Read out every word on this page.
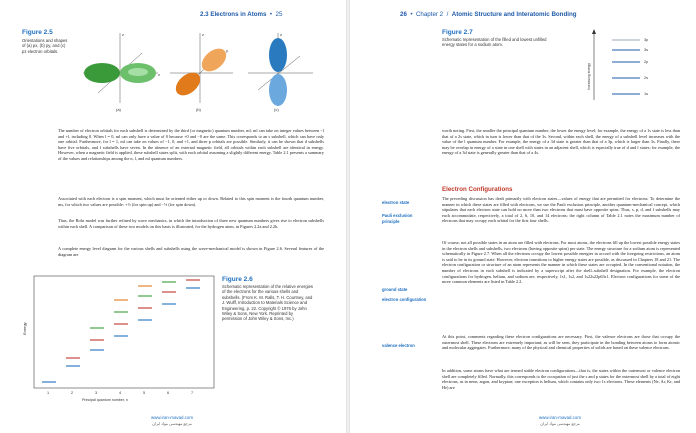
2.3 Electrons in Atoms  •  25
Figure 2.5
Orientations and shapes of (a) px, (b) py, and (c) pz electron orbitals.
x
z	z
y
z
(a)	(b)	(c)

The number of electron orbitals for each subshell is determined by the third (or magnetic) quantum number, ml; ml can take on integer values between −l and +l, including 0. When l = 0, ml can only have a value of 0 because +0 and −0 are the same. This corresponds to an s subshell, which can have only one orbital. Furthermore, for l = 1, ml can take on values of −1, 0, and +1, and three p orbitals are possible. Similarly, it can be shown that d subshells have five orbitals, and f subshells have seven. In the absence of an external magnetic field, all orbitals within each subshell are identical in energy. However, when a magnetic field is applied, these subshell states split, with each orbital assuming a slightly different energy. Table 2.1 presents a summary of the values and relationships among the n, l, and ml quantum numbers.

Associated with each electron is a spin moment, which must be oriented either up or down. Related to this spin moment is the fourth quantum number, ms, for which two values are possible: +½ (for spin up) and −½ (for spin down).

Thus, the Bohr model was further refined by wave mechanics, in which the introduction of three new quantum numbers gives rise to electron subshells within each shell. A comparison of these two models on this basis is illustrated, for the hydrogen atom, in Figures 2.2a and 2.2b.

A complete energy level diagram for the various shells and subshells using the wave-mechanical model is shown in Figure 2.6. Several features of the diagram are

Energy
Principal quantum number, n
1	2	3	4	5	6	7
Figure 2.6
Schematic representation of the relative energies of the electrons for the various shells and subshells. (From K. M. Ralls, T. H. Courtney, and J. Wulff, Introduction to Materials Science and Engineering, p. 22. Copyright © 1976 by John Wiley & Sons, New York. Reprinted by permission of John Wiley & Sons, Inc.)
www.iran-mavad.com
مرجع مهندسی مواد ایران
26  •  Chapter 2  /  Atomic Structure and Interatomic Bonding
Figure 2.7
Schematic representation of the filled and lowest unfilled energy states for a sodium atom.
Increasing energy
3p
3s
2p
2s
1s

worth noting. First, the smaller the principal quantum number, the lower the energy level; for example, the energy of a 1s state is less than that of a 2s state, which in turn is lower than that of the 3s. Second, within each shell, the energy of a subshell level increases with the value of the l quantum number. For example, the energy of a 3d state is greater than that of a 3p, which is larger than 3s. Finally, there may be overlap in energy of a state in one shell with states in an adjacent shell, which is especially true of d and f states; for example, the energy of a 3d state is generally greater than that of a 4s.

Electron Configurations
electron state
Pauli exclusion
principle
ground state
electron configuration
valence electron

The preceding discussion has dealt primarily with electron states—values of energy that are permitted for electrons. To determine the manner in which these states are filled with electrons, we use the Pauli exclusion principle, another quantum-mechanical concept, which stipulates that each electron state can hold no more than two electrons that must have opposite spins. Thus, s, p, d, and f subshells may each accommodate, respectively, a total of 2, 6, 10, and 14 electrons; the right column of Table 2.1 notes the maximum number of electrons that may occupy each orbital for the first four shells.

Of course, not all possible states in an atom are filled with electrons. For most atoms, the electrons fill up the lowest possible energy states in the electron shells and subshells, two electrons (having opposite spins) per state. The energy structure for a sodium atom is represented schematically in Figure 2.7. When all the electrons occupy the lowest possible energies in accord with the foregoing restrictions, an atom is said to be in its ground state. However, electron transitions to higher energy states are possible, as discussed in Chapters 18 and 21. The electron configuration or structure of an atom represents the manner in which these states are occupied. In the conventional notation, the number of electrons in each subshell is indicated by a superscript after the shell–subshell designation. For example, the electron configurations for hydrogen, helium, and sodium are, respectively, 1s1, 1s2, and 1s22s22p63s1. Electron configurations for some of the more common elements are listed in Table 2.2.

At this point, comments regarding these electron configurations are necessary. First, the valence electrons are those that occupy the outermost shell. These electrons are extremely important; as will be seen, they participate in the bonding between atoms to form atomic and molecular aggregates. Furthermore, many of the physical and chemical properties of solids are based on these valence electrons.

In addition, some atoms have what are termed stable electron configurations—that is, the states within the outermost or valence electron shell are completely filled. Normally, this corresponds to the occupation of just the s and p states for the outermost shell by a total of eight electrons, as in neon, argon, and krypton; one exception is helium, which contains only two 1s electrons. These elements (Ne, Ar, Kr, and He) are

www.iran-mavad.com
مرجع مهندسی مواد ایران
